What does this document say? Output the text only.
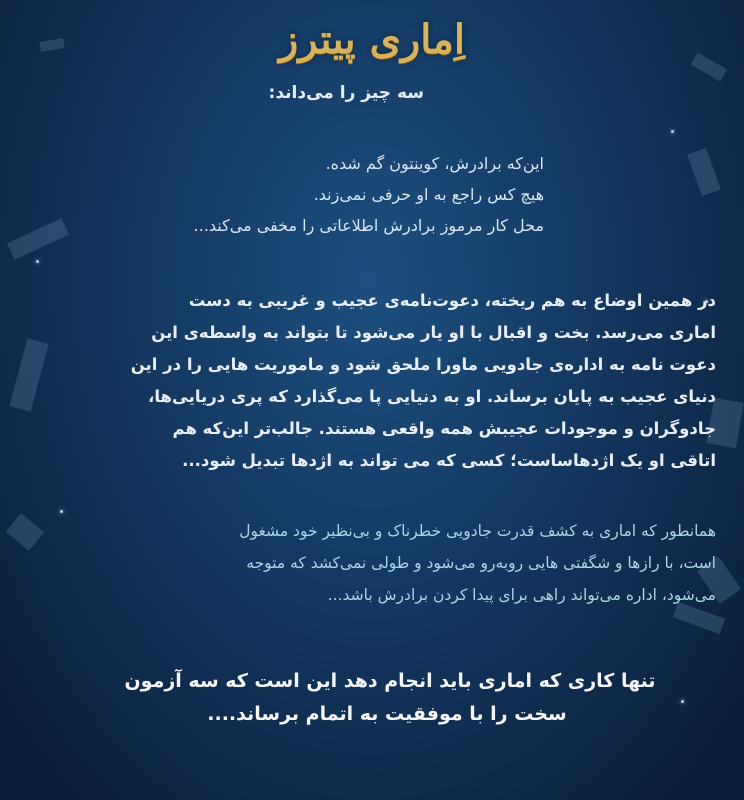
اِماری پیترز
سه چیز را می‌داند:
این‌که برادرش، کوینتون گم شده.
هیچ کس راجع به او حرفی نمی‌زند.
محل کار مرموز برادرش اطلاعاتی را مخفی می‌کند...
در همین اوضاع به هم ریخته، دعوت‌نامه‌ی عجیب و غریبی به دست
اماری می‌رسد. بخت و اقبال با او یار می‌شود تا بتواند به واسطه‌ی این
دعوت نامه به اداره‌ی جادویی ماورا ملحق شود و ماموریت هایی را در این
دنیای عجیب به پایان برساند. او به دنیایی پا می‌گذارد که پری دریایی‌ها،
جادوگران و موجودات عجیبش همه واقعی هستند. جالب‌تر این‌که هم
اتاقی او یک اژدهاساست؛ کسی که می تواند به اژدها تبدیل شود...
همانطور که اماری به کشف قدرت جادویی خطرناک و بی‌نظیر خود مشغول
است، با رازها و شگفتی هایی روبه‌رو می‌شود و طولی نمی‌کشد که متوجه
می‌شود، اداره می‌تواند راهی برای پیدا کردن برادرش باشد...
تنها کاری که اماری باید انجام دهد این است که سه آزمون
سخت را با موفقیت به اتمام برساند....
